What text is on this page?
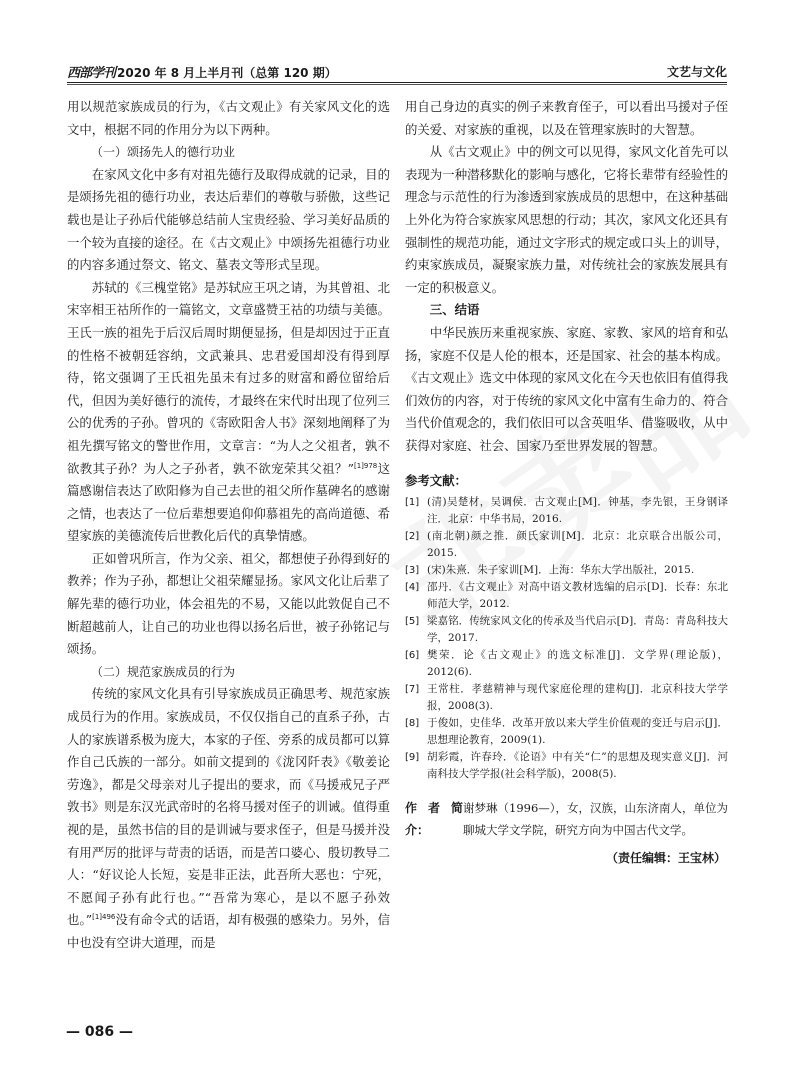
西部学刊 2020 年 8 月上半月刊（总第 120 期）	文艺与文化

用以规范家族成员的行为，《古文观止》有关家风文化的选文中，根据不同的作用分为以下两种。

（一）颂扬先人的德行功业

在家风文化中多有对祖先德行及取得成就的记录，目的是颂扬先祖的德行功业，表达后辈们的尊敬与骄傲，这些记载也是让子孙后代能够总结前人宝贵经验、学习美好品质的一个较为直接的途径。在《古文观止》中颂扬先祖德行功业的内容多通过祭文、铭文、墓表文等形式呈现。

苏轼的《三槐堂铭》是苏轼应王巩之请，为其曾祖、北宋宰相王祜所作的一篇铭文，文章盛赞王祜的功绩与美德。王氏一族的祖先于后汉后周时期便显扬，但是却因过于正直的性格不被朝廷容纳，文武兼具、忠君爱国却没有得到厚待，铭文强调了王氏祖先虽未有过多的财富和爵位留给后代，但因为美好德行的流传，才最终在宋代时出现了位列三公的优秀的子孙。曾巩的《寄欧阳舍人书》深刻地阐释了为祖先撰写铭文的警世作用，文章言：“为人之父祖者，孰不欲教其子孙？为人之子孙者，孰不欲宠荣其父祖？”$^{[1]978}$这篇感谢信表达了欧阳修为自己去世的祖父所作墓碑名的感谢之情，也表达了一位后辈想要追仰仰慕祖先的高尚道德、希望家族的美德流传后世教化后代的真挚情感。

正如曾巩所言，作为父亲、祖父，都想使子孙得到好的教养；作为子孙，都想让父祖荣耀显扬。家风文化让后辈了解先辈的德行功业，体会祖先的不易，又能以此敦促自己不断超越前人，让自己的功业也得以扬名后世，被子孙铭记与颂扬。

（二）规范家族成员的行为

传统的家风文化具有引导家族成员正确思考、规范家族成员行为的作用。家族成员，不仅仅指自己的直系子孙，古人的家族谱系极为庞大，本家的子侄、旁系的成员都可以算作自己氏族的一部分。如前文提到的《泷冈阡表》《敬姜论劳逸》，都是父母亲对儿子提出的要求，而《马援戒兄子严敦书》则是东汉光武帝时的名将马援对侄子的训诫。值得重视的是，虽然书信的目的是训诫与要求侄子，但是马援并没有用严厉的批评与苛责的话语，而是苦口婆心、殷切教导二人：“好议论人长短，妄是非正法，此吾所大恶也：宁死，不愿闻子孙有此行也。”“吾常为寒心，是以不愿子孙效也。”$^{[1]496}$没有命令式的话语，却有极强的感染力。另外，信中也没有空讲大道理，而是

用自己身边的真实的例子来教育侄子，可以看出马援对子侄的关爱、对家族的重视，以及在管理家族时的大智慧。

从《古文观止》中的例文可以见得，家风文化首先可以表现为一种潜移默化的影响与感化，它将长辈带有经验性的理念与示范性的行为渗透到家族成员的思想中，在这种基础上外化为符合家族家风思想的行动；其次，家风文化还具有强制性的规范功能，通过文字形式的规定或口头上的训导，约束家族成员，凝聚家族力量，对传统社会的家族发展具有一定的积极意义。

三、结语

中华民族历来重视家族、家庭、家教、家风的培育和弘扬，家庭不仅是人伦的根本，还是国家、社会的基本构成。《古文观止》选文中体现的家风文化在今天也依旧有值得我们效仿的内容，对于传统的家风文化中富有生命力的、符合当代价值观念的，我们依旧可以含英咀华、借鉴吸收，从中获得对家庭、社会、国家乃至世界发展的智慧。

参考文献：
[1] (清)吴楚材，吴调侯．古文观止[M]．钟基，李先银，王身钢译注．北京：中华书局，2016.
[2] (南北朝)颜之推．颜氏家训[M]．北京：北京联合出版公司，2015.
[3] (宋)朱熹．朱子家训[M]．上海：华东大学出版社，2015.
[4] 邵丹．《古文观止》对高中语文教材选编的启示[D]．长春：东北师范大学，2012.
[5] 梁嘉铭．传统家风文化的传承及当代启示[D]．青岛：青岛科技大学，2017.
[6] 樊荣．论《古文观止》的选文标准[J]．文学界(理论版)，2012(6).
[7] 王常柱．孝慈精神与现代家庭伦理的建构[J]．北京科技大学学报，2008(3).
[8] 于俊如，史佳华．改革开放以来大学生价值观的变迁与启示[J]．思想理论教育，2009(1).
[9] 胡彩霞，许春玲．《论语》中有关“仁”的思想及现实意义[J]．河南科技大学学报(社会科学版)，2008(5).
作者简介：
谢梦琳（1996—），女，汉族，山东济南人，单位为聊城大学文学院，研究方向为中国古代文学。
（责任编辑：王宝林）
— 086 —
